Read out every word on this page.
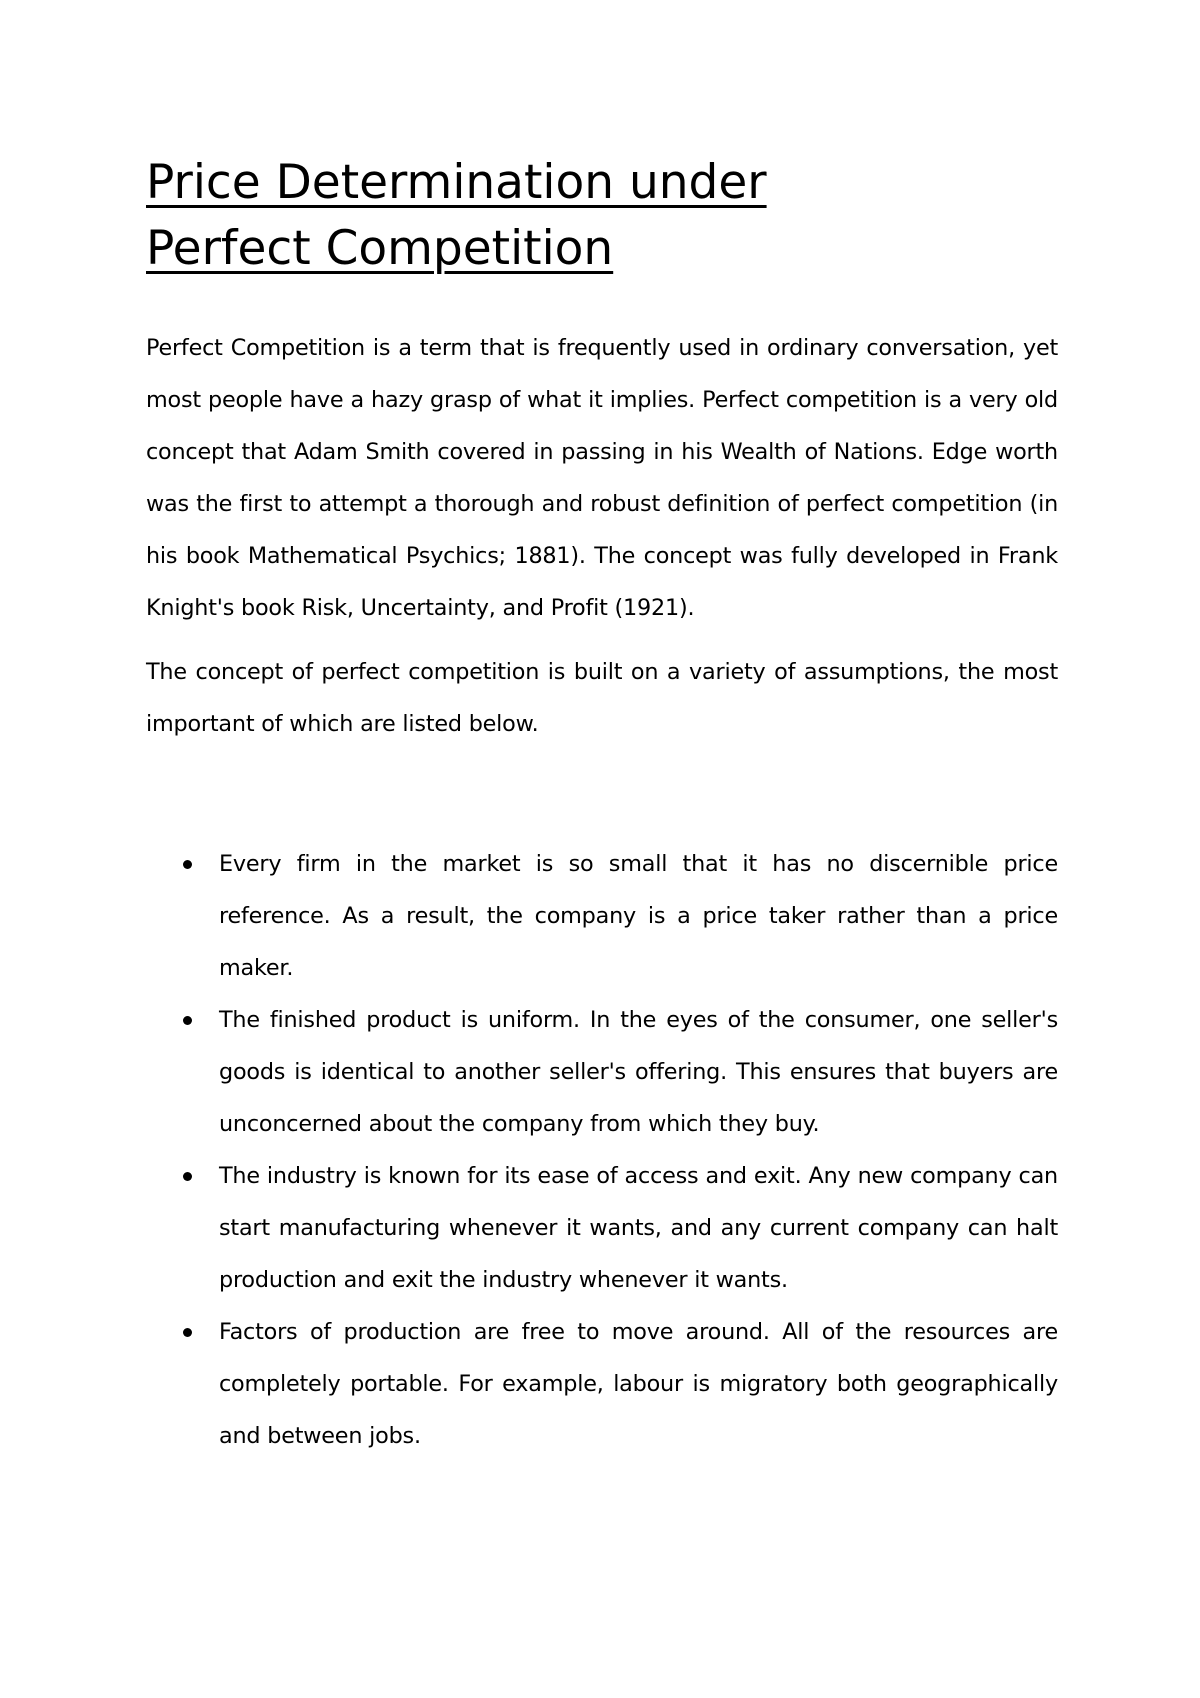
Price Determination under
Perfect Competition

Perfect Competition is a term that is frequently used in ordinary conversation, yet most people have a hazy grasp of what it implies. Perfect competition is a very old concept that Adam Smith covered in passing in his Wealth of Nations. Edge worth was the first to attempt a thorough and robust definition of perfect competition (in his book Mathematical Psychics; 1881). The concept was fully developed in Frank Knight's book Risk, Uncertainty, and Profit (1921).

The concept of perfect competition is built on a variety of assumptions, the most important of which are listed below.

Every firm in the market is so small that it has no discernible price reference. As a result, the company is a price taker rather than a price maker.
The finished product is uniform. In the eyes of the consumer, one seller's goods is identical to another seller's offering. This ensures that buyers are unconcerned about the company from which they buy.
The industry is known for its ease of access and exit. Any new company can start manufacturing whenever it wants, and any current company can halt production and exit the industry whenever it wants.
Factors of production are free to move around. All of the resources are completely portable. For example, labour is migratory both geographically and between jobs.
